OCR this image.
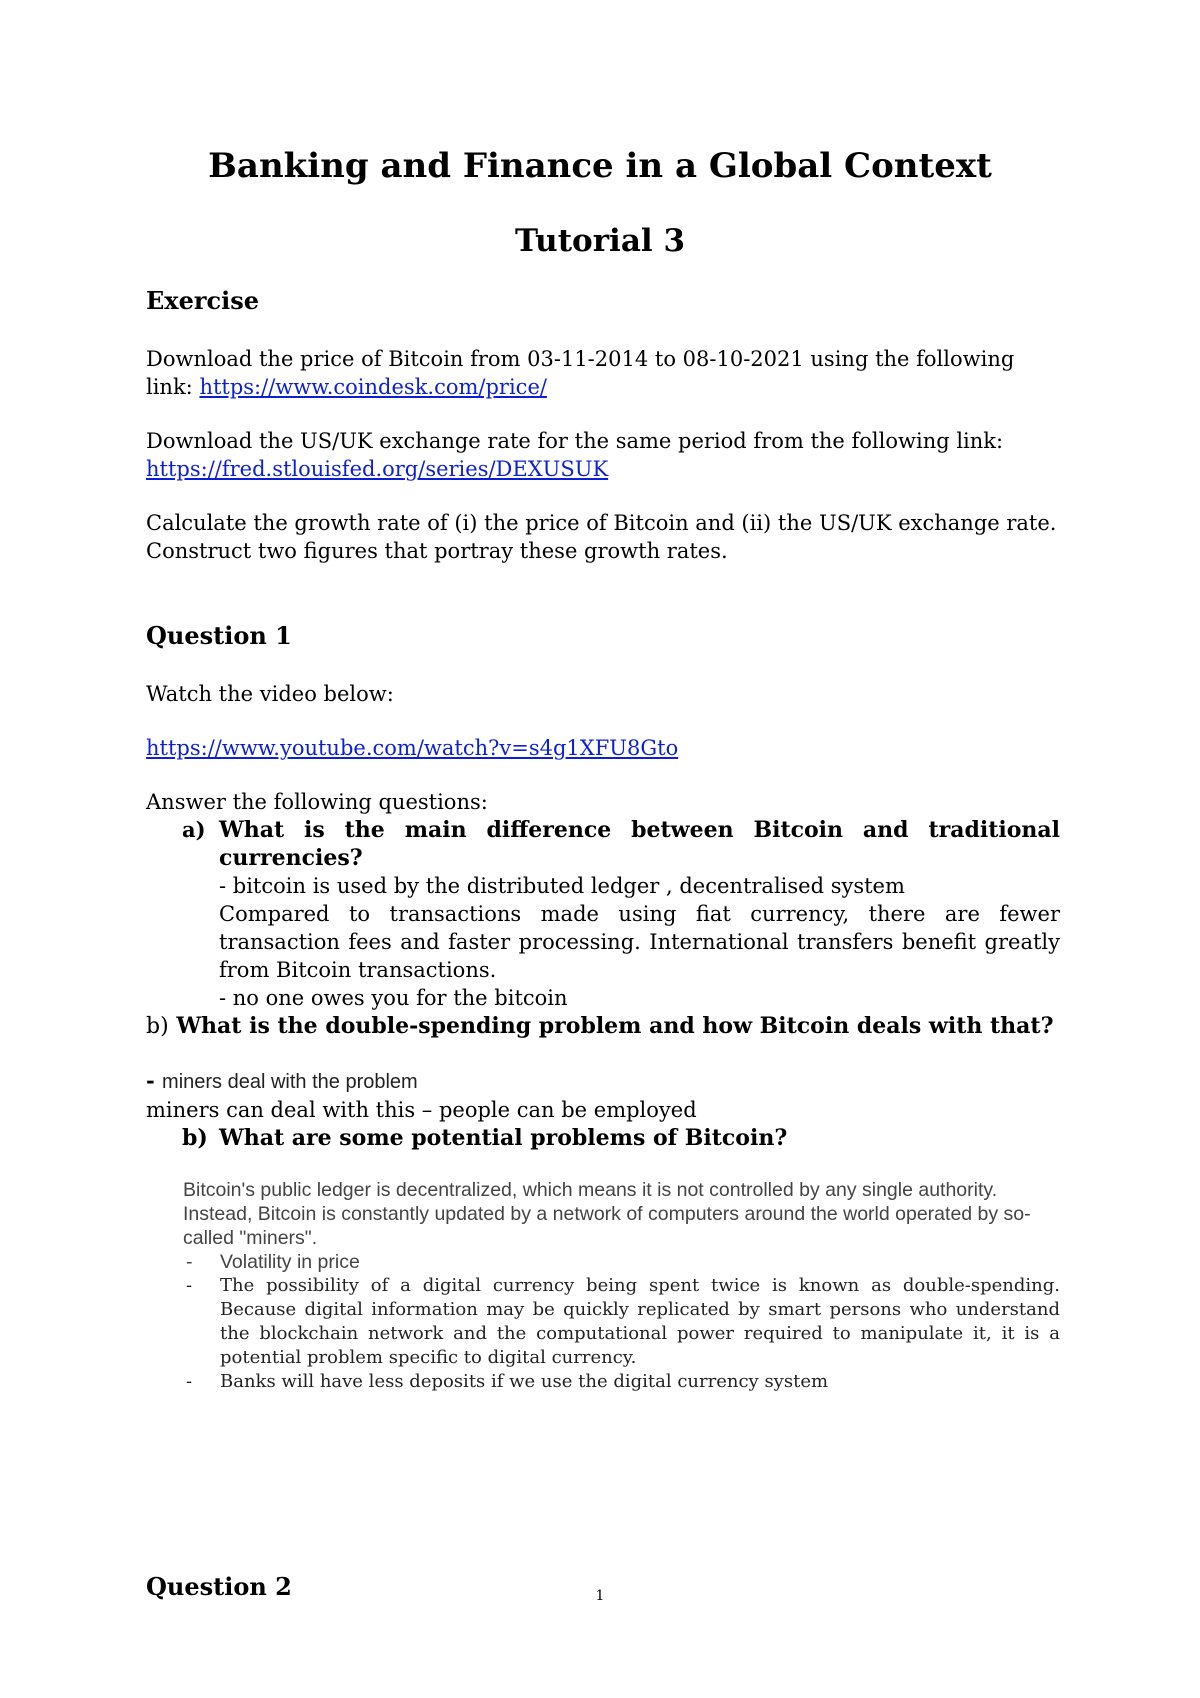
Banking and Finance in a Global Context
Tutorial 3
Exercise

Download the price of Bitcoin from 03-11-2014 to 08-10-2021 using the following link: https://www.coindesk.com/price/

Download the US/UK exchange rate for the same period from the following link:
https://fred.stlouisfed.org/series/DEXUSUK

Calculate the growth rate of (i) the price of Bitcoin and (ii) the US/UK exchange rate.
Construct two figures that portray these growth rates.

Question 1

Watch the video below:

https://www.youtube.com/watch?v=s4g1XFU8Gto

Answer the following questions:

a) What is the main difference between Bitcoin and traditional currencies?
- bitcoin is used by the distributed ledger , decentralised system
Compared to transactions made using fiat currency, there are fewer transaction fees and faster processing. International transfers benefit greatly from Bitcoin transactions.
- no one owes you for the bitcoin
b) What is the double-spending problem and how Bitcoin deals with that?

- miners deal with the problem

miners can deal with this – people can be employed

b) What are some potential problems of Bitcoin?

Bitcoin's public ledger is decentralized, which means it is not controlled by any single authority. Instead, Bitcoin is constantly updated by a network of computers around the world operated by so-called "miners".

- Volatility in price
- The possibility of a digital currency being spent twice is known as double-spending. Because digital information may be quickly replicated by smart persons who understand the blockchain network and the computational power required to manipulate it, it is a potential problem specific to digital currency.
- Banks will have less deposits if we use the digital currency system
Question 2	1
